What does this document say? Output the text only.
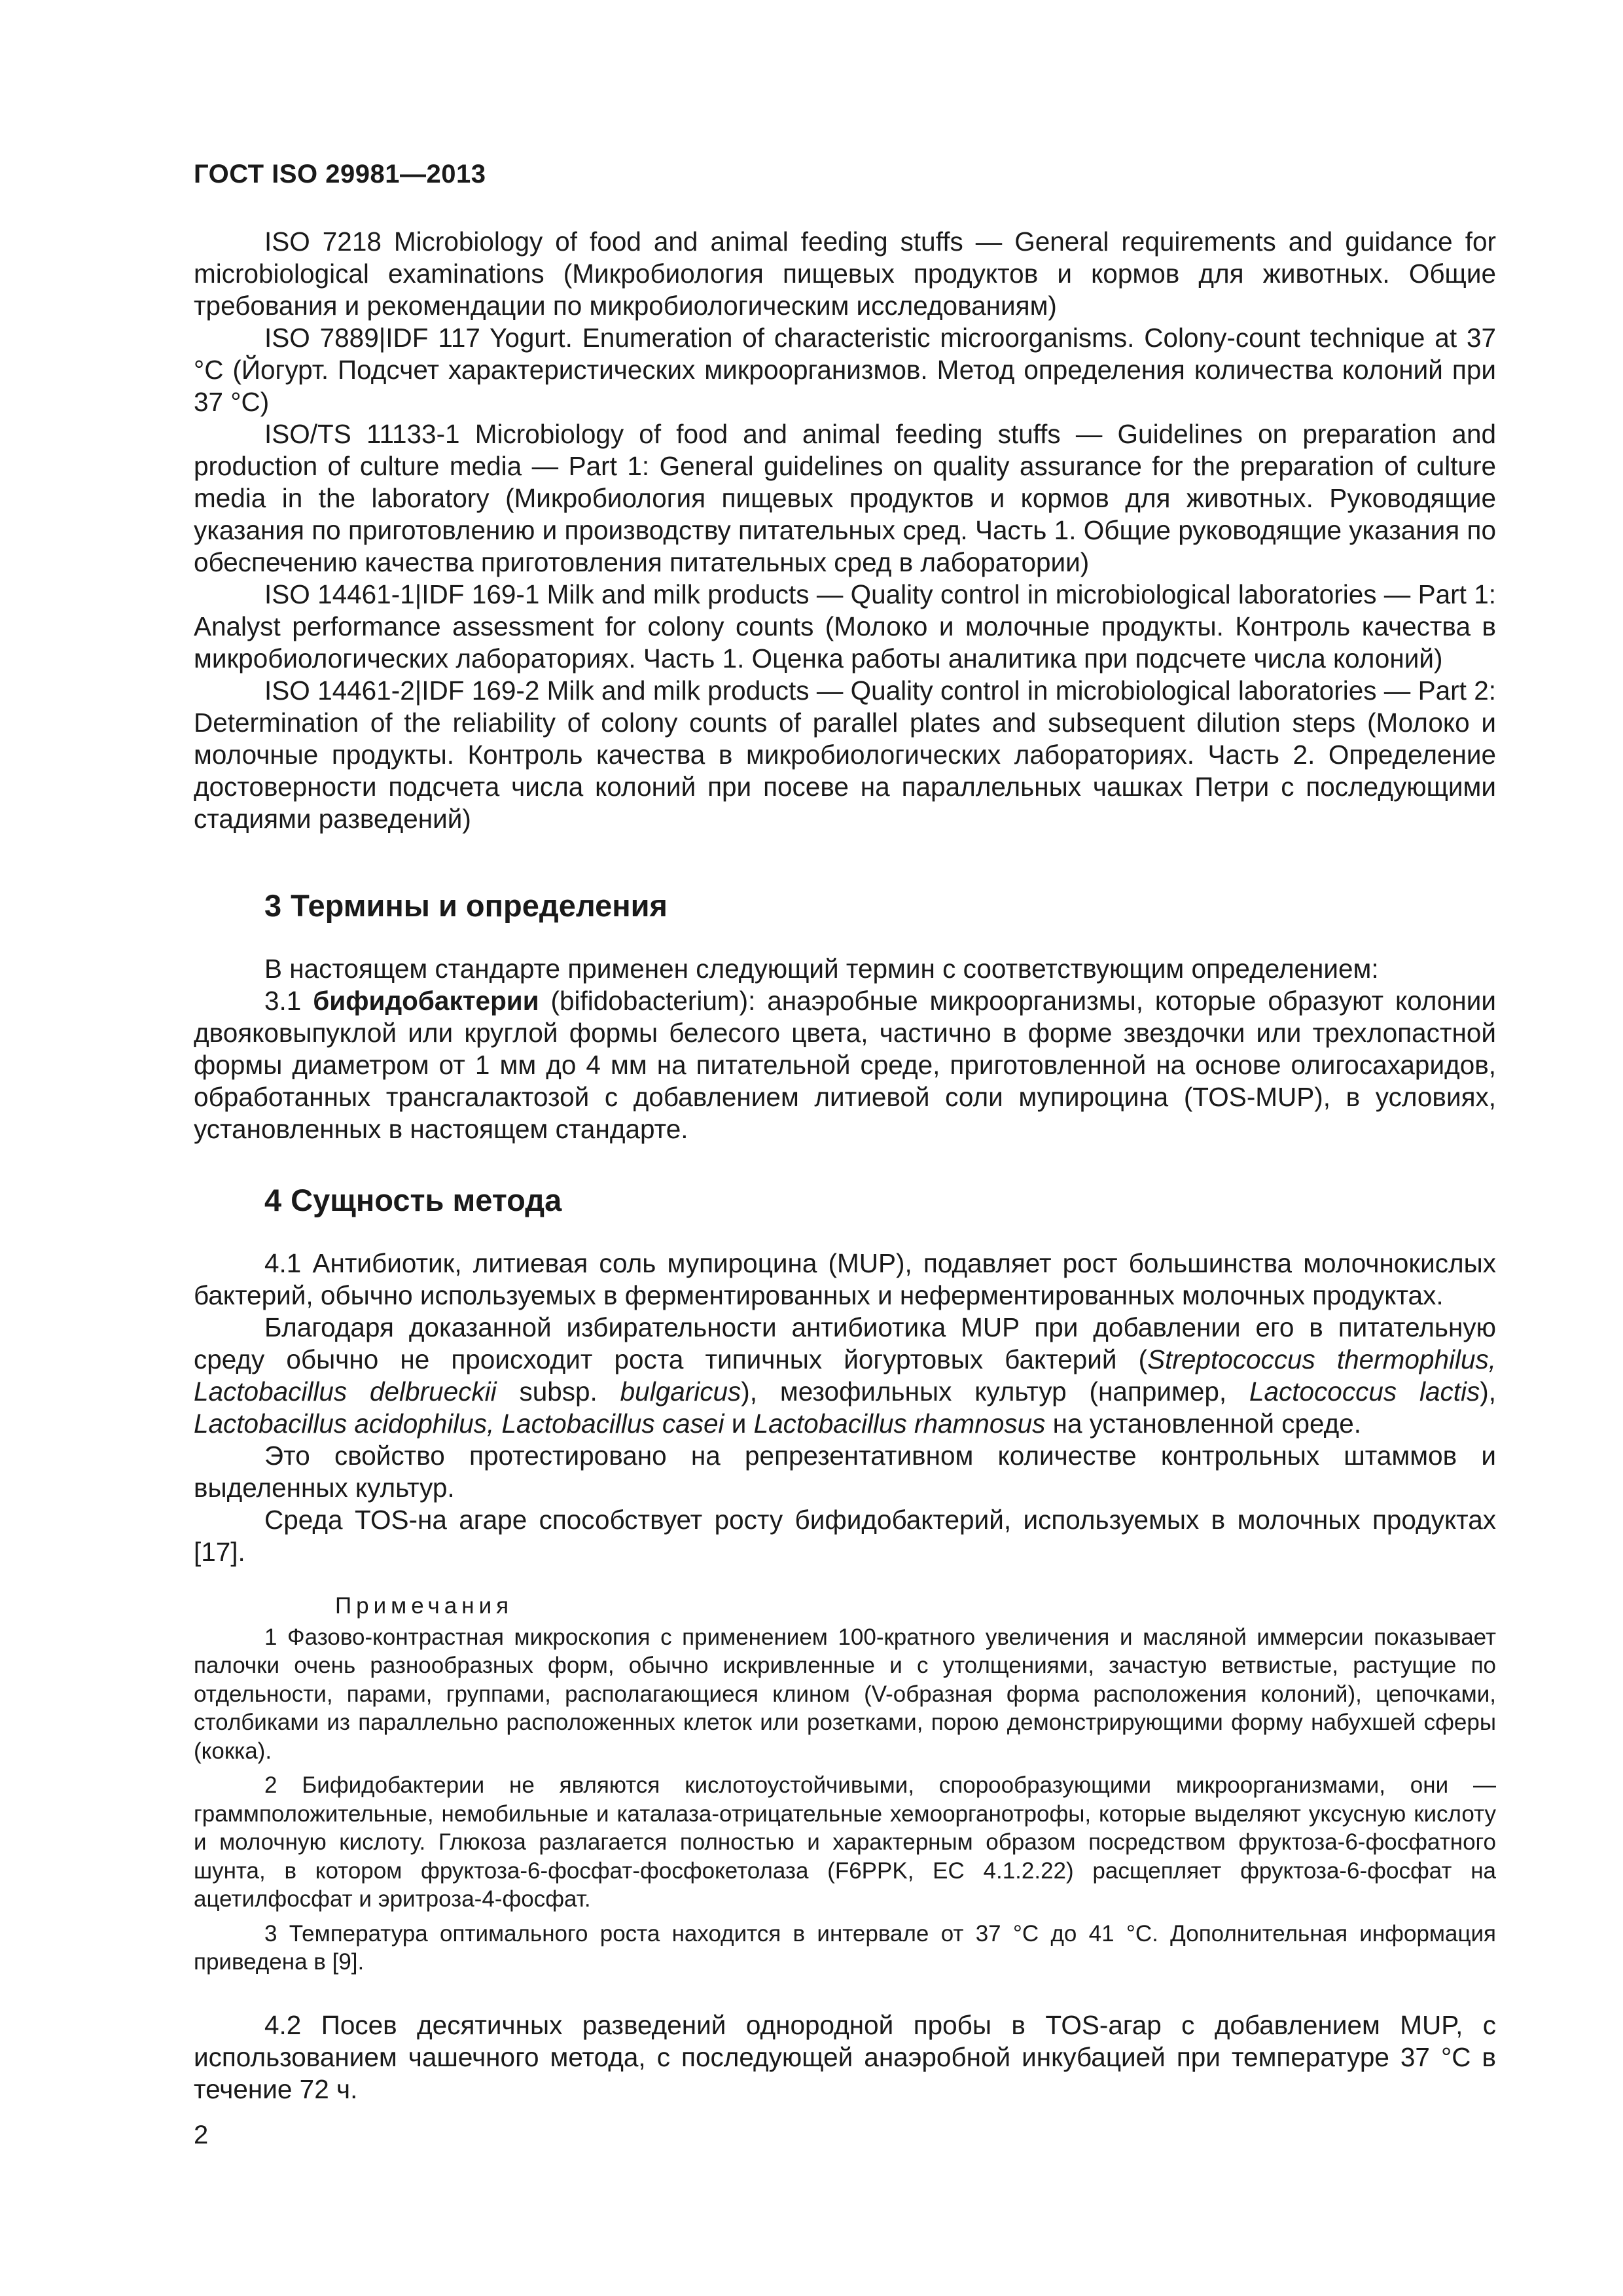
ГОСТ ISO 29981—2013

ISO 7218 Microbiology of food and animal feeding stuffs — General requirements and guidance for microbiological examinations (Микробиология пищевых продуктов и кормов для животных. Общие требования и рекомендации по микробиологическим исследованиям)

ISO 7889|IDF 117 Yogurt. Enumeration of characteristic microorganisms. Colony-count technique at 37 °С (Йогурт. Подсчет характеристических микроорганизмов. Метод определения количества колоний при 37 °С)

ISO/TS 11133-1 Microbiology of food and animal feeding stuffs — Guidelines on preparation and production of culture media — Part 1: General guidelines on quality assurance for the preparation of culture media in the laboratory (Микробиология пищевых продуктов и кормов для животных. Руководящие указания по приготовлению и производству питательных сред. Часть 1. Общие руководящие указания по обеспечению качества приготовления питательных сред в лаборатории)

ISO 14461-1|IDF 169-1 Milk and milk products — Quality control in microbiological laboratories — Part 1: Analyst performance assessment for colony counts (Молоко и молочные продукты. Контроль качества в микробиологических лабораториях. Часть 1. Оценка работы аналитика при подсчете числа колоний)

ISO 14461-2|IDF 169-2 Milk and milk products — Quality control in microbiological laboratories — Part 2: Determination of the reliability of colony counts of parallel plates and subsequent dilution steps (Молоко и молочные продукты. Контроль качества в микробиологических лабораториях. Часть 2. Определение достоверности подсчета числа колоний при посеве на параллельных чашках Петри с последующими стадиями разведений)

3 Термины и определения

В настоящем стандарте применен следующий термин с соответствующим определением:

3.1 бифидобактерии (bifidobacterium): анаэробные микроорганизмы, которые образуют колонии двояковыпуклой или круглой формы белесого цвета, частично в форме звездочки или трехлопастной формы диаметром от 1 мм до 4 мм на питательной среде, приготовленной на основе олигосахаридов, обработанных трансгалактозой с добавлением литиевой соли мупироцина (TOS-MUP), в условиях, установленных в настоящем стандарте.

4 Сущность метода

4.1 Антибиотик, литиевая соль мупироцина (MUP), подавляет рост большинства молочнокислых бактерий, обычно используемых в ферментированных и неферментированных молочных продуктах.

Благодаря доказанной избирательности антибиотика MUP при добавлении его в питательную среду обычно не происходит роста типичных йогуртовых бактерий (Streptococcus thermophilus, Lactobacillus delbrueckii subsp. bulgaricus), мезофильных культур (например, Lactococcus lactis), Lactobacillus acidophilus, Lactobacillus casei и Lactobacillus rhamnosus на установленной среде.

Это свойство протестировано на репрезентативном количестве контрольных штаммов и выделенных культур.

Среда TOS-на агаре способствует росту бифидобактерий, используемых в молочных продуктах [17].

Примечания

1 Фазово-контрастная микроскопия с применением 100-кратного увеличения и масляной иммерсии показывает палочки очень разнообразных форм, обычно искривленные и с утолщениями, зачастую ветвистые, растущие по отдельности, парами, группами, располагающиеся клином (V-образная форма расположения колоний), цепочками, столбиками из параллельно расположенных клеток или розетками, порою демонстрирующими форму набухшей сферы (кокка).

2 Бифидобактерии не являются кислотоустойчивыми, спорообразующими микроорганизмами, они — граммположительные, немобильные и каталаза-отрицательные хемоорганотрофы, которые выделяют уксусную кислоту и молочную кислоту. Глюкоза разлагается полностью и характерным образом посредством фруктоза-6-фосфатного шунта, в котором фруктоза-6-фосфат-фосфокетолаза (F6PPK, ЕС 4.1.2.22) расщепляет фруктоза-6-фосфат на ацетилфосфат и эритроза-4-фосфат.

3 Температура оптимального роста находится в интервале от 37 °С до 41 °С. Дополнительная информация приведена в [9].

4.2 Посев десятичных разведений однородной пробы в TOS-агар с добавлением MUP, с использованием чашечного метода, с последующей анаэробной инкубацией при температуре 37 °С в течение 72 ч.

2
